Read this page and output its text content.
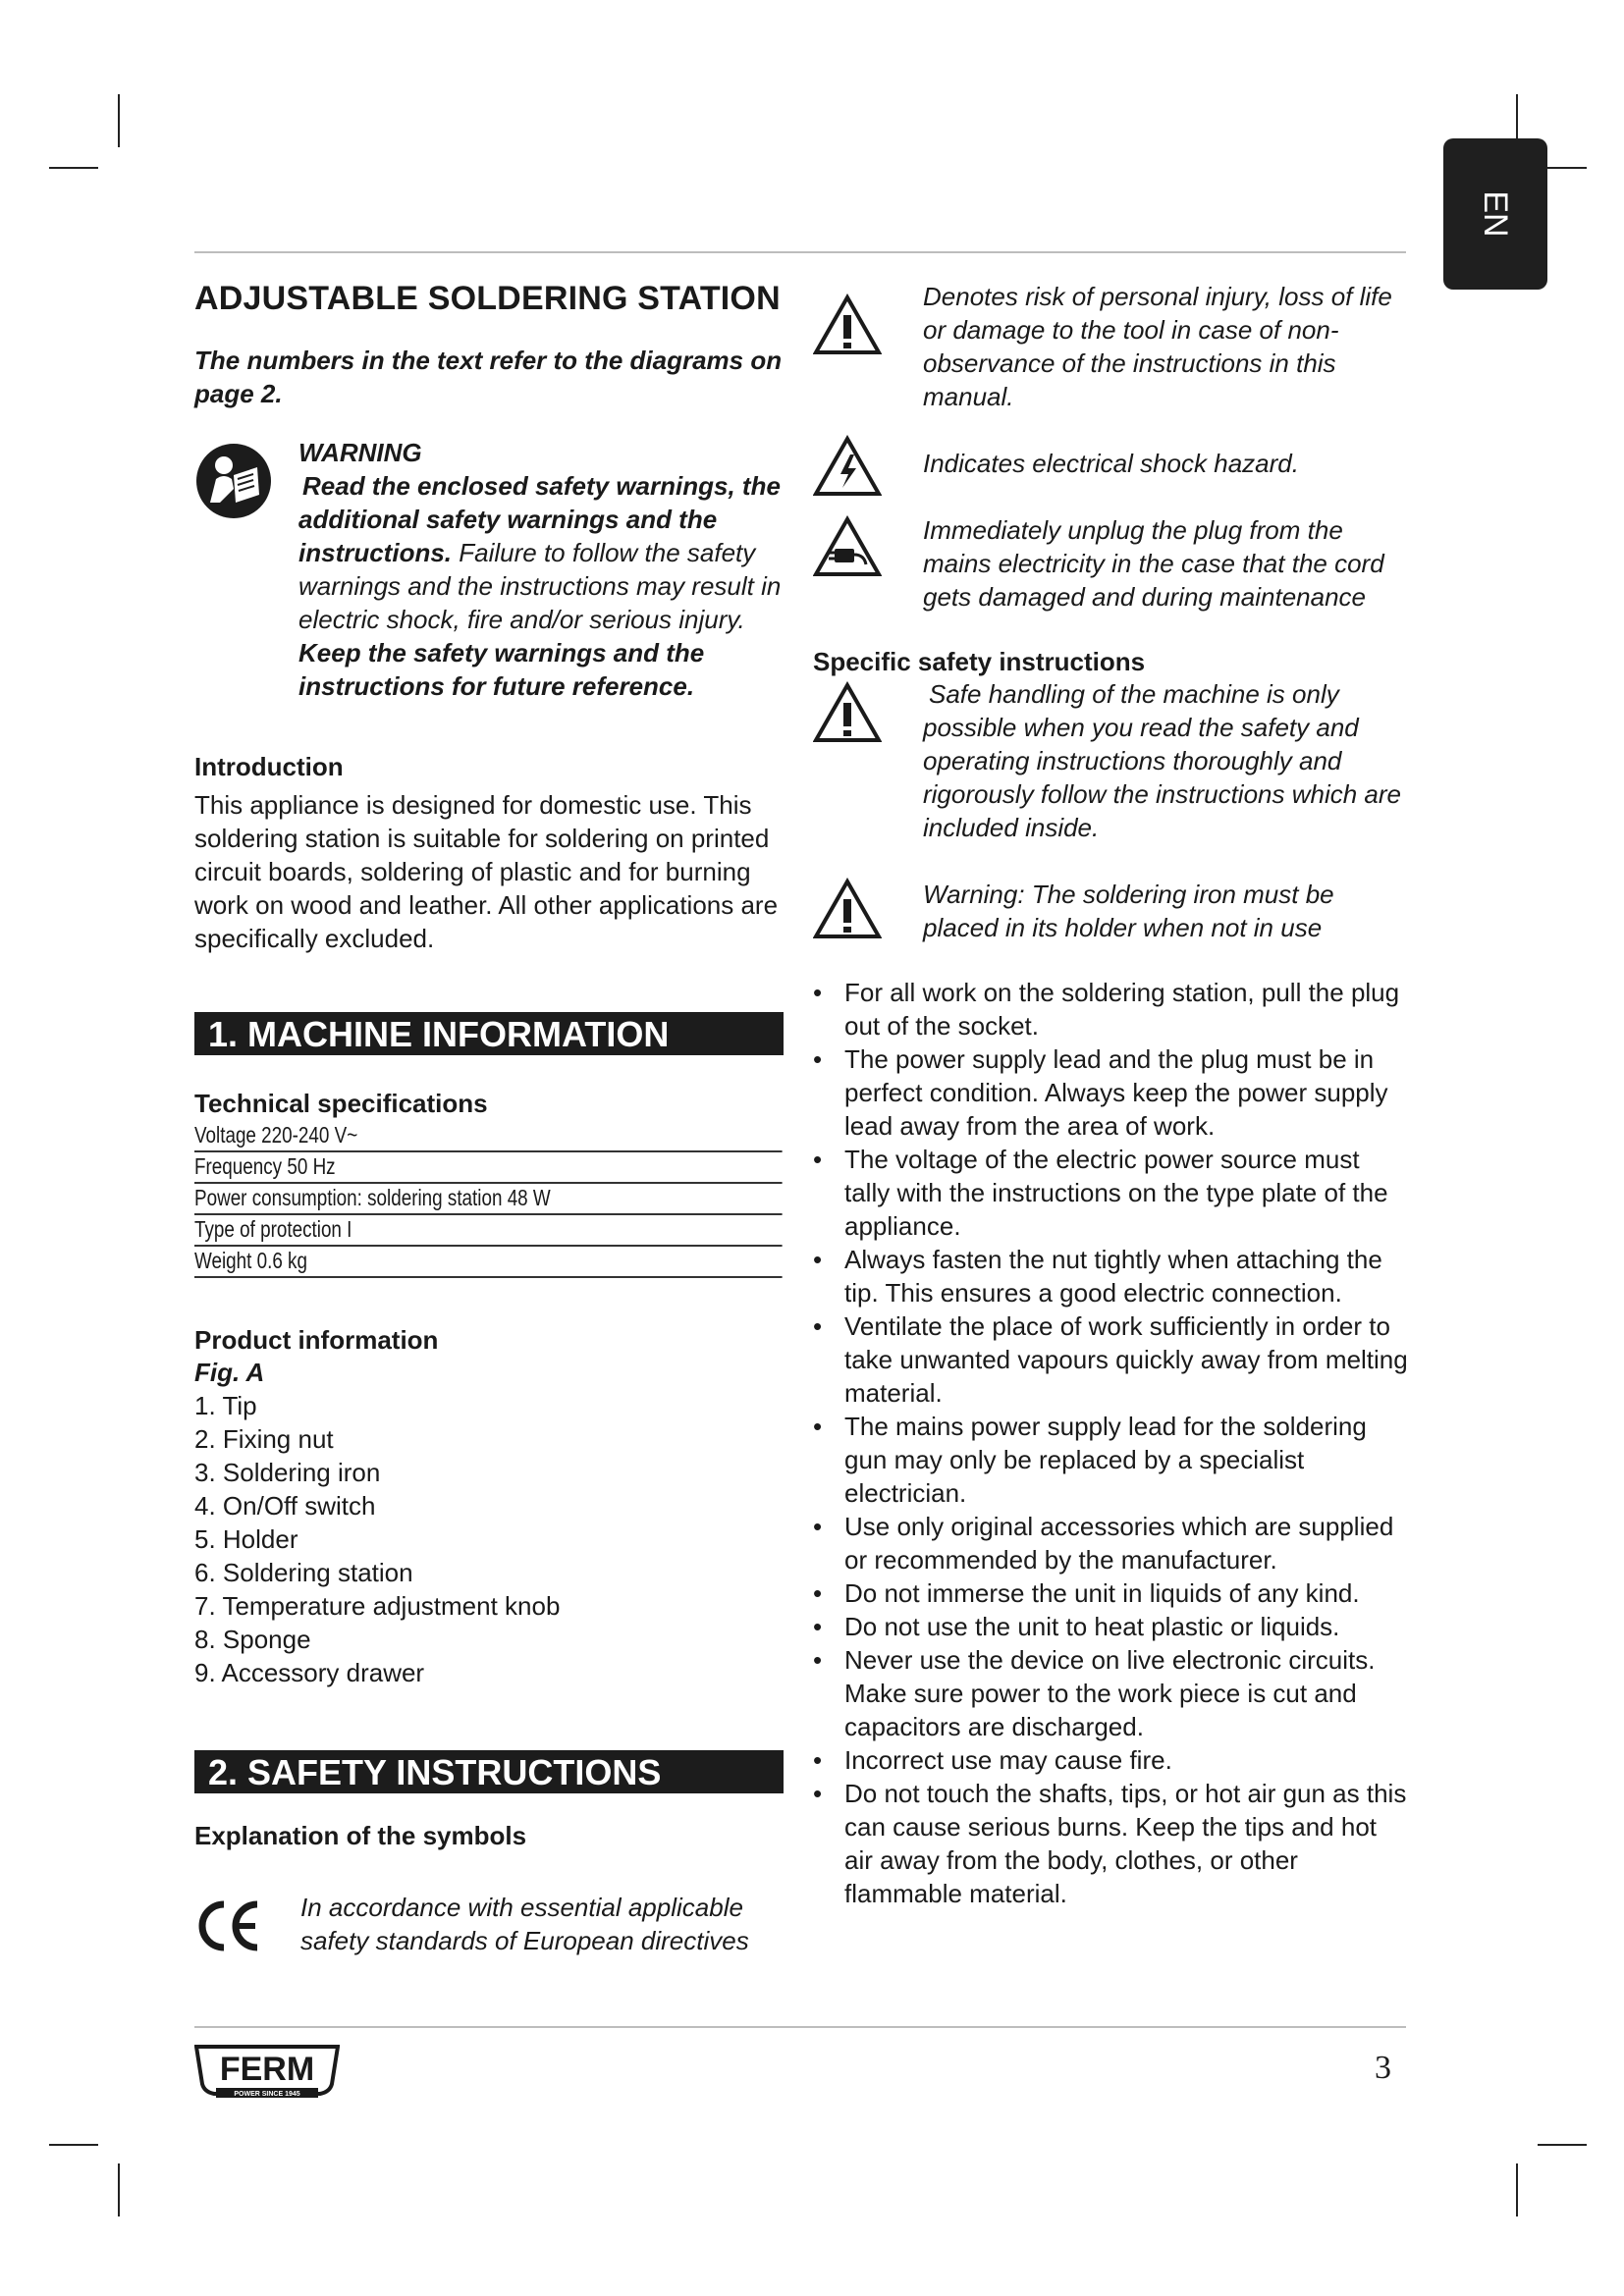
EN
ADJUSTABLE SOLDERING STATION

The numbers in the text refer to the diagrams on page 2.

WARNING
Read the enclosed safety warnings, the additional safety warnings and the instructions. Failure to follow the safety warnings and the instructions may result in electric shock, fire and/or serious injury. Keep the safety warnings and the instructions for future reference.
Introduction

This appliance is designed for domestic use. This soldering station is suitable for soldering on printed circuit boards, soldering of plastic and for burning work on wood and leather. All other applications are specifically excluded.

1. MACHINE INFORMATION
Technical specifications
Voltage 220-240 V~
Frequency 50 Hz
Power consumption: soldering station 48 W
Type of protection I
Weight 0.6 kg
Product information
Fig. A
1. Tip
2. Fixing nut
3. Soldering iron
4. On/Off switch
5. Holder
6. Soldering station
7. Temperature adjustment knob
8. Sponge
9. Accessory drawer
2. SAFETY INSTRUCTIONS
Explanation of the symbols
In accordance with essential applicable safety standards of European directives
Denotes risk of personal injury, loss of life or damage to the tool in case of non-observance of the instructions in this manual.
Indicates electrical shock hazard.
Immediately unplug the plug from the mains electricity in the case that the cord gets damaged and during maintenance
Specific safety instructions
Safe handling of the machine is only possible when you read the safety and operating instructions thoroughly and rigorously follow the instructions which are included inside.
Warning: The soldering iron must be placed in its holder when not in use
• For all work on the soldering station, pull the plug out of the socket.
• The power supply lead and the plug must be in perfect condition. Always keep the power supply lead away from the area of work.
• The voltage of the electric power source must tally with the instructions on the type plate of the appliance.
• Always fasten the nut tightly when attaching the tip. This ensures a good electric connection.
• Ventilate the place of work sufficiently in order to take unwanted vapours quickly away from melting material.
• The mains power supply lead for the soldering gun may only be replaced by a specialist electrician.
• Use only original accessories which are supplied or recommended by the manufacturer.
• Do not immerse the unit in liquids of any kind.
• Do not use the unit to heat plastic or liquids.
• Never use the device on live electronic circuits. Make sure power to the work piece is cut and capacitors are discharged.
• Incorrect use may cause fire.
• Do not touch the shafts, tips, or hot air gun as this can cause serious burns. Keep the tips and hot air away from the body, clothes, or other flammable material.
FERM
POWER SINCE 1945
3
